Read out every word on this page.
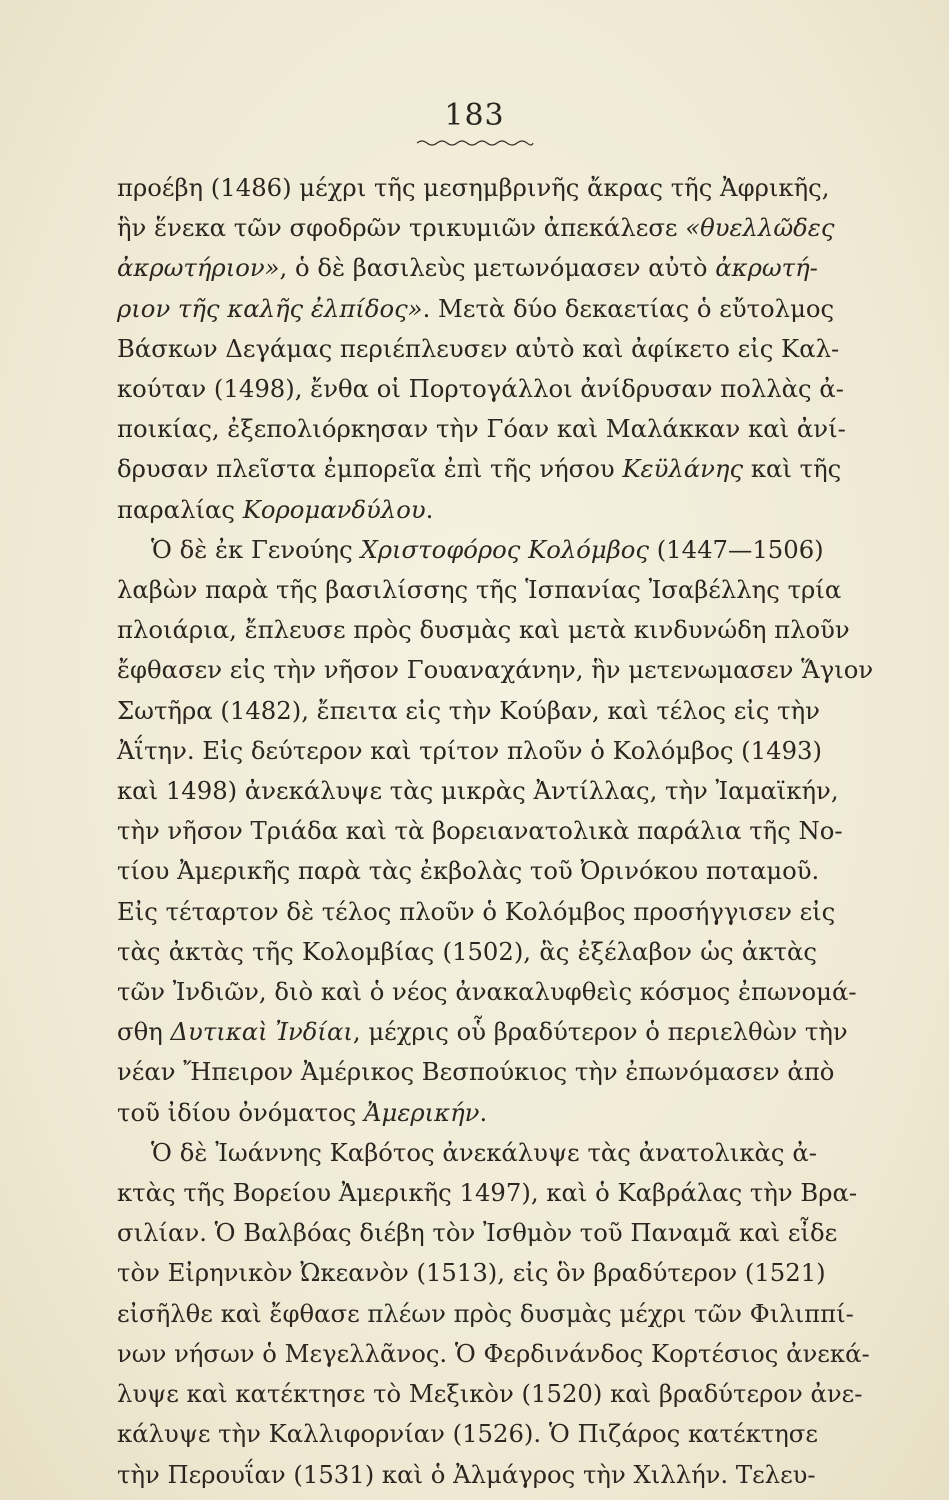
183

προέβη (1486) μέχρι τῆς μεσημβρινῆς ἄκρας τῆς Ἀφρικῆς,
ἣν ἕνεκα τῶν σφοδρῶν τρικυμιῶν ἀπεκάλεσε «θυελλῶδες
ἀκρωτήριον», ὁ δὲ βασιλεὺς μετωνόμασεν αὐτὸ ἀκρωτή-
ριον τῆς καλῆς ἐλπίδος». Μετὰ δύο δεκαετίας ὁ εὔτολμος
Βάσκων Δεγάμας περιέπλευσεν αὐτὸ καὶ ἀφίκετο εἰς Καλ-
κούταν (1498), ἔνθα οἱ Πορτογάλλοι ἀνίδρυσαν πολλὰς ἀ-
ποικίας, ἐξεπολιόρκησαν τὴν Γόαν καὶ Μαλάκκαν καὶ ἀνί-
δρυσαν πλεῖστα ἐμπορεῖα ἐπὶ τῆς νήσου Κεϋλάνης καὶ τῆς
παραλίας Κορομανδύλου.

Ὁ δὲ ἐκ Γενούης Χριστοφόρος Κολόμβος (1447—1506)
λαβὼν παρὰ τῆς βασιλίσσης τῆς Ἱσπανίας Ἰσαβέλλης τρία
πλοιάρια, ἔπλευσε πρὸς δυσμὰς καὶ μετὰ κινδυνώδη πλοῦν
ἔφθασεν εἰς τὴν νῆσον Γουαναχάνην, ἣν μετενωμασεν Ἅγιον
Σωτῆρα (1482), ἔπειτα εἰς τὴν Κούβαν, καὶ τέλος εἰς τὴν
Ἀΐτην. Εἰς δεύτερον καὶ τρίτον πλοῦν ὁ Κολόμβος (1493)
καὶ 1498) ἀνεκάλυψε τὰς μικρὰς Ἀντίλλας, τὴν Ἰαμαϊκήν,
τὴν νῆσον Τριάδα καὶ τὰ βορειανατολικὰ παράλια τῆς Νο-
τίου Ἀμερικῆς παρὰ τὰς ἐκβολὰς τοῦ Ὀρινόκου ποταμοῦ.
Εἰς τέταρτον δὲ τέλος πλοῦν ὁ Κολόμβος προσήγγισεν εἰς
τὰς ἀκτὰς τῆς Κολομβίας (1502), ἃς ἐξέλαβον ὡς ἀκτὰς
τῶν Ἰνδιῶν, διὸ καὶ ὁ νέος ἀνακαλυφθεὶς κόσμος ἐπωνομά-
σθη Δυτικαὶ Ἰνδίαι, μέχρις οὗ βραδύτερον ὁ περιελθὼν τὴν
νέαν Ἤπειρον Ἀμέρικος Βεσπούκιος τὴν ἐπωνόμασεν ἀπὸ
τοῦ ἰδίου ὀνόματος Ἀμερικήν.

Ὁ δὲ Ἰωάννης Καβότος ἀνεκάλυψε τὰς ἀνατολικὰς ἀ-
κτὰς τῆς Βορείου Ἀμερικῆς 1497), καὶ ὁ Καβράλας τὴν Βρα-
σιλίαν. Ὁ Βαλβόας διέβη τὸν Ἰσθμὸν τοῦ Παναμᾶ καὶ εἶδε
τὸν Εἰρηνικὸν Ὠκεανὸν (1513), εἰς ὃν βραδύτερον (1521)
εἰσῆλθε καὶ ἔφθασε πλέων πρὸς δυσμὰς μέχρι τῶν Φιλιππί-
νων νήσων ὁ Μεγελλᾶνος. Ὁ Φερδινάνδος Κορτέσιος ἀνεκά-
λυψε καὶ κατέκτησε τὸ Μεξικὸν (1520) καὶ βραδύτερον ἀνε-
κάλυψε τὴν Καλλιφορνίαν (1526). Ὁ Πιζάρος κατέκτησε
τὴν Περουΐαν (1531) καὶ ὁ Ἀλμάγρος τὴν Χιλλήν. Τελευ-
